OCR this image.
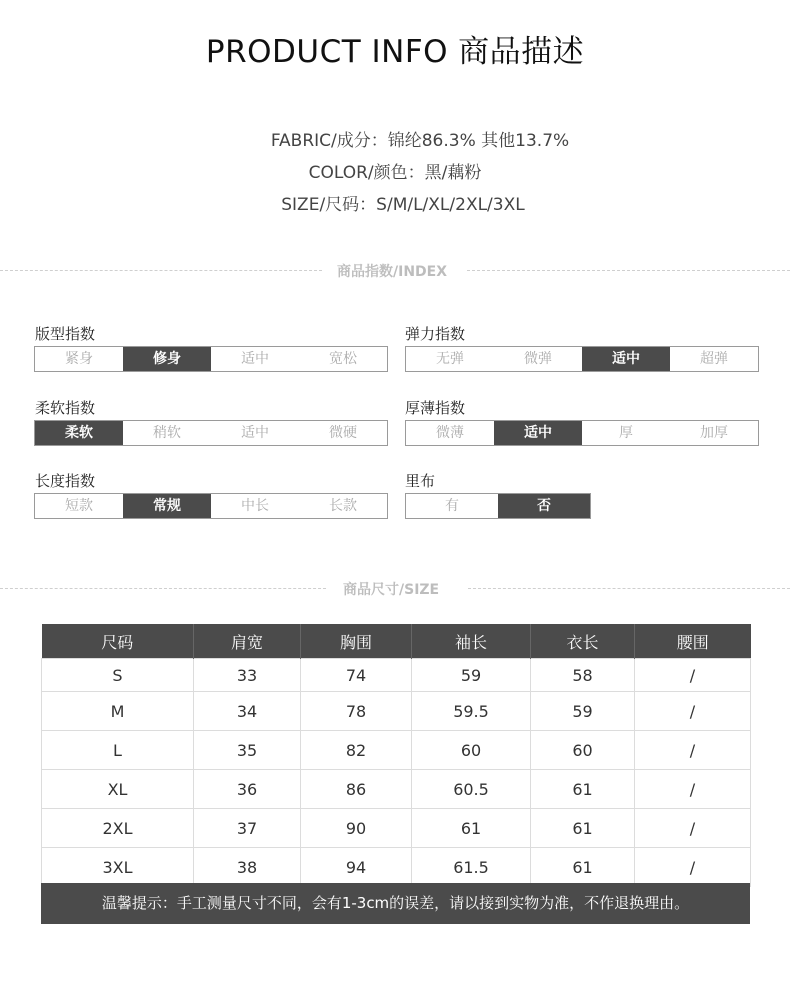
PRODUCT INFO 商品描述
FABRIC/成分：锦纶86.3% 其他13.7%
COLOR/颜色：黑/藕粉
SIZE/尺码：S/M/L/XL/2XL/3XL
商品指数/INDEX
版型指数
紧身	修身	适中	宽松
弹力指数
无弹	微弹	适中	超弹
柔软指数
柔软	稍软	适中	微硬
厚薄指数
微薄	适中	厚	加厚
长度指数
短款	常规	中长	长款
里布
有	否
商品尺寸/SIZE
尺码	肩宽	胸围	袖长	衣长	腰围
S	33	74	59	58	/
M	34	78	59.5	59	/
L	35	82	60	60	/
XL	36	86	60.5	61	/
2XL	37	90	61	61	/
3XL	38	94	61.5	61	/
温馨提示：手工测量尺寸不同，会有1-3cm的误差，请以接到实物为准，不作退换理由。
